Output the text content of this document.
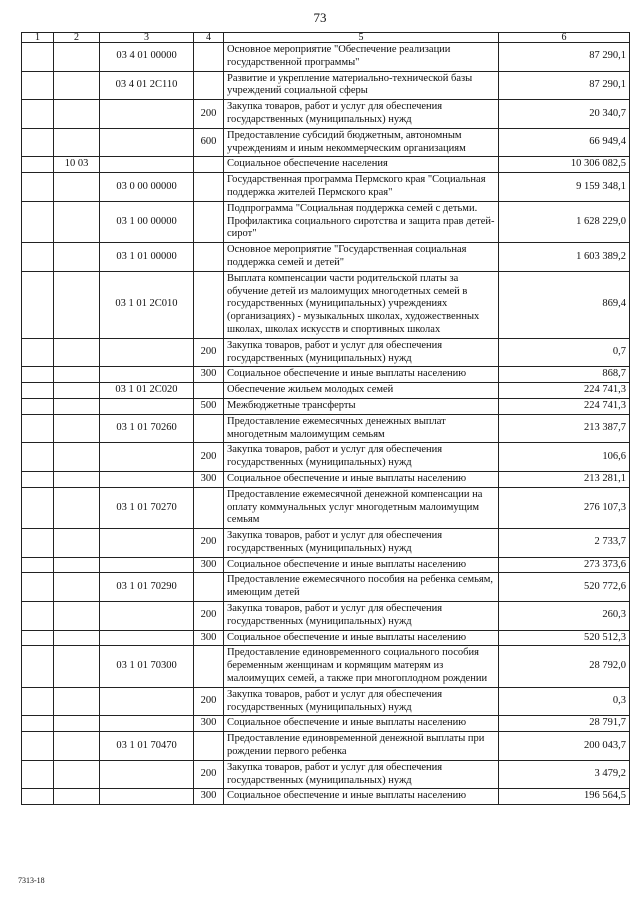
73
1	2	3	4	5	6
		03 4 01 00000		Основное мероприятие "Обеспечение реализации государственной программы"	87 290,1
		03 4 01 2С110		Развитие и укрепление материально-технической базы учреждений социальной сферы	87 290,1
			200	Закупка товаров, работ и услуг для обеспечения государственных (муниципальных) нужд	20 340,7
			600	Предоставление субсидий бюджетным, автономным учреждениям и иным некоммерческим организациям	66 949,4
	10 03			Социальное обеспечение населения	10 306 082,5
		03 0 00 00000		Государственная программа Пермского края "Социальная поддержка жителей Пермского края"	9 159 348,1
		03 1 00 00000		Подпрограмма "Социальная поддержка семей с детьми. Профилактика социального сиротства и защита прав детей-сирот"	1 628 229,0
		03 1 01 00000		Основное мероприятие "Государственная социальная поддержка семей и детей"	1 603 389,2
		03 1 01 2С010		Выплата компенсации части родительской платы за обучение детей из малоимущих многодетных семей в государственных (муниципальных) учреждениях (организациях) - музыкальных школах, художественных школах, школах искусств и спортивных школах	869,4
			200	Закупка товаров, работ и услуг для обеспечения государственных (муниципальных) нужд	0,7
			300	Социальное обеспечение и иные выплаты населению	868,7
		03 1 01 2С020		Обеспечение жильем молодых семей	224 741,3
			500	Межбюджетные трансферты	224 741,3
		03 1 01 70260		Предоставление ежемесячных денежных выплат многодетным малоимущим семьям	213 387,7
			200	Закупка товаров, работ и услуг для обеспечения государственных (муниципальных) нужд	106,6
			300	Социальное обеспечение и иные выплаты населению	213 281,1
		03 1 01 70270		Предоставление ежемесячной денежной компенсации на оплату коммунальных услуг многодетным малоимущим семьям	276 107,3
			200	Закупка товаров, работ и услуг для обеспечения государственных (муниципальных) нужд	2 733,7
			300	Социальное обеспечение и иные выплаты населению	273 373,6
		03 1 01 70290		Предоставление ежемесячного пособия на ребенка семьям, имеющим детей	520 772,6
			200	Закупка товаров, работ и услуг для обеспечения государственных (муниципальных) нужд	260,3
			300	Социальное обеспечение и иные выплаты населению	520 512,3
		03 1 01 70300		Предоставление единовременного социального пособия беременным женщинам и кормящим матерям из малоимущих семей, а также при многоплодном рождении	28 792,0
			200	Закупка товаров, работ и услуг для обеспечения государственных (муниципальных) нужд	0,3
			300	Социальное обеспечение и иные выплаты населению	28 791,7
		03 1 01 70470		Предоставление единовременной денежной выплаты при рождении первого ребенка	200 043,7
			200	Закупка товаров, работ и услуг для обеспечения государственных (муниципальных) нужд	3 479,2
			300	Социальное обеспечение и иные выплаты населению	196 564,5
7313-18
